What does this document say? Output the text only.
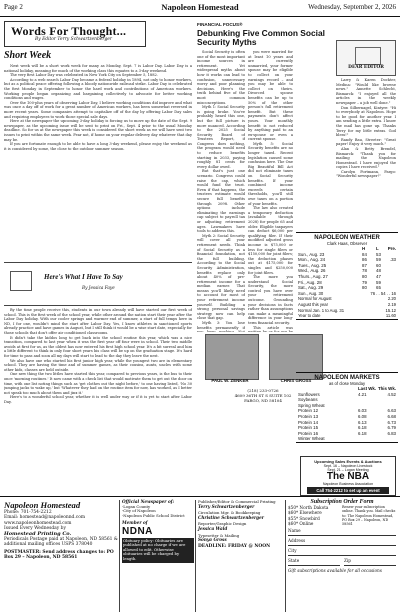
Page 2	Napoleon Homestead	Wednesday, September 2, 2026
Words For Thought...
By Editor Terry Schwartzenberger
Short Week

Next week will be a short work week for many as Monday, Sept. 7 is Labor Day. Labor Day is a national holiday, meaning for much of the working class this equates to a 3-day weekend.

The very first Labor Day was celebrated in New York City on September 5, 1882.

According to a web search Labor Day became a federal holiday in 1894, not only to honor workers, but as a political peace offering following a bloody nationwide railroad strike. Labor Day is celebrated the first Monday in September to honor the hard work and contributions of American workers. Working people began organizing and bargaining collectively to advocate for better working conditions and wages.

Over the 100-plus years of observing Labor Day, I believe working conditions did improve and what was once a day off of work for a great number of American workers, has been somewhat reversed in more recent years. Some companies attempt to capitalize off of the day by offering Labor Day sales and requiring employees to work those special sale days.

Here at the newspaper the upcoming 3-day holiday is forcing us to move up the date of the Sept. 9 newspaper, as the upcoming issue will be sent to print on Fri., Sept. 4 prior to the usual Monday deadline. So for us at the newspaper this week is considered the short week as we will have sent two issues to print within the same week. Fear not, if home on your regular delivery day whatever that day may be.

If you are fortunate enough to be able to have a long 3-day weekend, please enjoy the weekend as it is considered by some, the close to the outdoor summer season.

Here's What I Have To Say
By Jessica Faye

By the time people receive this, students in our town already will have started our first week of school. This is the first week of the school year, while other around the nation start their year after the Labor Day holiday. With our cooler springs and warmer end of summer, a start of full temps here in ND, I for one, wouldn't mind the start after Labor Day. Yes, I know athletes in sanctioned sports already practice and have games in August, but I still think it would be a wise start date, especially for those schools that don't offer air conditioned classrooms.

It didn't take the kiddos long to get back into the school routine this year, which was a nice transition, compared to last year when it was the first year off four were in school. Their two middle avoids at first for us, as the oldest has now entered his first high school year. It's a bit surreal and him a little different to think in only four short years his class will be up on the graduation stage. It's hard for time to pass and soon all my days will start to lead to the day they leave the nest.

We also have one who started his first junior high year, while the youngest two are in elementary school. They are having the time and of summer games, as their cousins, aunts, uncles with some other kids, classes are held outside.

One new thing the two littles have started this year, compared to previous years, is the bus to their once 'morning routines.' It now came with a check list that would motivate them to get out the door on time, with one list noting things such as 'get clothes out the night before,' to one having listed, 'No 30 jumping jacks to wake up,' but 'Whatever they had on the routine item for now, has worked, as I better not speak too much about them and jinx it.'

Here's to a wonderful school year, whether it is well under way or if it is yet to start after Labor Day.

FINANCIAL FOCUS®
Debunking Five Common Social Security Myths

Social Security is often one of the most important income sources in retirement. Yet widespread myths about how it works can lead to confusion, unnecessary worry and poor planning decisions. Here's the truth behind five of the most common misconceptions.

Myth 1: Social Security is going broke. You've probably heard this one, but the full picture is more nuanced. According to the 2025 Social Security Board of Trustees Report, if Congress does nothing, the program would need to reduce benefits starting in 2033, paying roughly 81 cents for every dollar owed.

But that's just one scenario. Congress could raise the cap, which would fund the trust. Even if that happens, the trustees estimate would secure full benefits through 2098. Other options include eliminating the earnings cap subject to payroll tax or adjusting retirement ages. Lawmakers have tools to address this.

Myth 2: Social Security will cover all your retirement needs. Think of Social Security as a financial foundation, not the full building. According to the Social Security Administration, benefits replace only about 40% of pre-retirement income for a median earner. That means you'll likely need to account for most of your retirement income yourself. Building a strong personal savings strategy now can help close that gap.

Myth 3: You lose benefits permanently if

DEAR EDITOR

Larry & Karen Dockter, Medina: "Would like browse news." Annette Schlecht, Bismarck: "I enjoyed all the articles in the weekly newspaper – a job well done."

Don Silbernagel, Kintyre: "Hi to everybody at Napoleon. Hope to be good for another year. I am sending a little extra. I know the mail has gone up. Thanks Terry for my little extras. God bless!"

Randy Bau, Streeter: "Great paper! Enjoy it very much."

Alan & Betty Brendel, Bismarck: "Thank you for mailing the Napoleon Homestead. I have enjoyed the copies I have received."

Carolyn Fortmann, Fargo: "Wonderful newspaper!"

PAUL W. ZENKER	CHRIS GROSS
(218) 233-0726
4609 36TH ST S SUITE 102
FARGO, ND 58104
NAPOLEON WEATHER
Clark Haas, Observer
H L Pre.
Sun., Aug. 23	84 53
Mon., Aug. 24	86 59 .33
Tues., Aug. 25	87 60
Wed., Aug. 26	78 48
Thurs., Aug. 27	80 47
Fri., Aug. 28	79 59
Sat., Aug. 29	80 65
Sun., Aug. 30	76 . . 54 . . 16
Normal for August	2.20
August this year	2.19
Normal Jan. 1 to Aug. 31	15.12
Year to date	11.60
NAPOLEON MARKETS
as of close Monday
Last Wk. This Wk.
Sunflowers	4.21	4.52
Soybeans
Spring Wheat
Protein 12	6.03	6.63
Protein 13	6.08	6.68
Protein 14	6.13	6.73
Protein 15	6.18	6.79
Protein 16	6.18	6.83
Winter Wheat
Upcoming Sales Events & Auctions
Sept. 16 – Napoleon Livestock
Sept. 21 – Logan Meeting
The NBA
Napoleon Business Association
Call 754-2212 to set up an event
Napoleon Homestead
Phone: 701-754-2212
Email: homestead@napoleonnd.com
www.napoleonhomestead.com
Issued Every Wednesday by
Homestead Printing Co.
Periodicals Postage paid at Napoleon, ND 58561 & additional mailing offices USPS 378040
POSTMASTER: Send address changes to: PO Box 29 – Napoleon, ND 58561
Official Newspaper of:
-Logan County
-City of Napoleon
-Napoleon Public School District
Member of
NDNA
Obituary policy: Obituaries are published at no charge if we are allowed to edit. Otherwise obituaries will be charged by length.
Publisher/Editor & Commercial Printing
Terry Schwartzenberger
Circulation Mgr. & Bookkeeping
Christine Schwartzenberger
Reporter/Graphic Design
Jessica Wald
Typesetter & Mailing
Sonya Gross
DEADLINE: FRIDAY @ NOON
Subscription Order Form
$50* North Dakota
$60* Elsewhere
$55* Snowbird
$60* Online
Renew your subscription online. Thank you. Mail checks to: The Napoleon Homestead, PO Box 29 – Napoleon, ND 58561
Name
Address
City
State	Zip
Gift subscriptions available for all occasions

you were married for at least 10 years and are currently unmarried, your former spouse may be eligible to collect on your earnings record – and you may be able to collect on theirs. Divorced spouse benefits can be up to 50% of the other person's full retirement benefit. But these payments don't affect yours. Your monthly benefit is not reduced by anything paid to an ex-spouse or even a current spouse.

Myth 5: Social Security benefits are no longer taxed. Recent legislation caused some confusion here. The One Big Beautiful Bill Act did not eliminate taxes on Social Security benefits. If your combined income exceeds certain thresholds, you'll still owe taxes on a portion of your benefits.

The law also created a temporary deduction (available through 2028) for people 65 and older. Eligible taxpayers can deduct $6,000 per qualifying filer. If their modified adjusted gross income is $75,000 or less for single filers or $150,000 for joint filers; the deduction phases out at $175,000 for singles and $250,000 for joint filers.

The more you understand Social Security, the more control you have over your retirement outcome. Grounding your decisions in facts rather than assumptions can make a meaningful difference in your long-term financial security.

This article was
